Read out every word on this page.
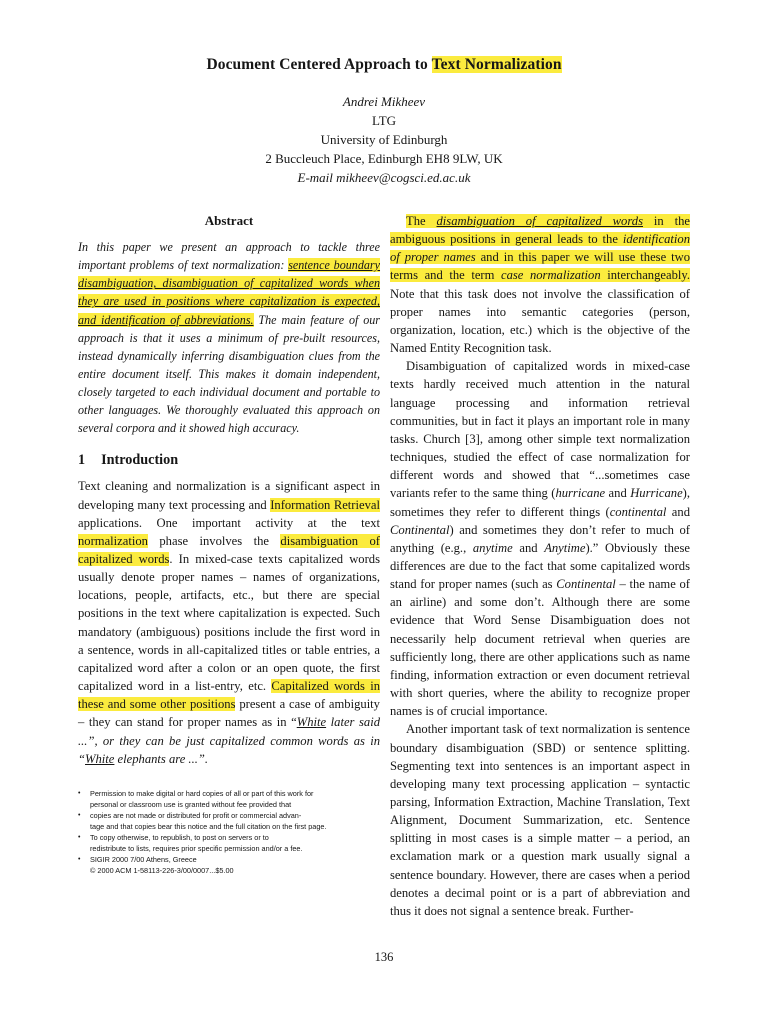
Document Centered Approach to Text Normalization
Andrei Mikheev
LTG
University of Edinburgh
2 Buccleuch Place, Edinburgh EH8 9LW, UK
E-mail mikheev@cogsci.ed.ac.uk
Abstract

In this paper we present an approach to tackle three important problems of text normalization: sentence boundary disambiguation, disambiguation of capitalized words when they are used in positions where capitalization is expected, and identification of abbreviations. The main feature of our approach is that it uses a minimum of pre-built resources, instead dynamically inferring disambiguation clues from the entire document itself. This makes it domain independent, closely targeted to each individual document and portable to other languages. We thoroughly evaluated this approach on several corpora and it showed high accuracy.

1 Introduction

Text cleaning and normalization is a significant aspect in developing many text processing and Information Retrieval applications. One important activity at the text normalization phase involves the disambiguation of capitalized words. In mixed-case texts capitalized words usually denote proper names – names of organizations, locations, people, artifacts, etc., but there are special positions in the text where capitalization is expected. Such mandatory (ambiguous) positions include the first word in a sentence, words in all-capitalized titles or table entries, a capitalized word after a colon or an open quote, the first capitalized word in a list-entry, etc. Capitalized words in these and some other positions present a case of ambiguity – they can stand for proper names as in “White later said ...”, or they can be just capitalized common words as in “White elephants are ...”.

•
•
•
•
Permission to make digital or hard copies of all or part of this work for
personal or classroom use is granted without fee provided that
copies are not made or distributed for profit or commercial advan-
tage and that copies bear this notice and the full citation on the first page.
To copy otherwise, to republish, to post on servers or to
redistribute to lists, requires prior specific permission and/or a fee.
SIGIR 2000 7/00 Athens, Greece
© 2000 ACM 1-58113-226-3/00/0007...$5.00

The disambiguation of capitalized words in the ambiguous positions in general leads to the identification of proper names and in this paper we will use these two terms and the term case normalization interchangeably. Note that this task does not involve the classification of proper names into semantic categories (person, organization, location, etc.) which is the objective of the Named Entity Recognition task.

Disambiguation of capitalized words in mixed-case texts hardly received much attention in the natural language processing and information retrieval communities, but in fact it plays an important role in many tasks. Church [3], among other simple text normalization techniques, studied the effect of case normalization for different words and showed that “...sometimes case variants refer to the same thing (hurricane and Hurricane), sometimes they refer to different things (continental and Continental) and sometimes they don’t refer to much of anything (e.g., anytime and Anytime).” Obviously these differences are due to the fact that some capitalized words stand for proper names (such as Continental – the name of an airline) and some don’t. Although there are some evidence that Word Sense Disambiguation does not necessarily help document retrieval when queries are sufficiently long, there are other applications such as name finding, information extraction or even document retrieval with short queries, where the ability to recognize proper names is of crucial importance.

Another important task of text normalization is sentence boundary disambiguation (SBD) or sentence splitting. Segmenting text into sentences is an important aspect in developing many text processing application – syntactic parsing, Information Extraction, Machine Translation, Text Alignment, Document Summarization, etc. Sentence splitting in most cases is a simple matter – a period, an exclamation mark or a question mark usually signal a sentence boundary. However, there are cases when a period denotes a decimal point or is a part of abbreviation and thus it does not signal a sentence break. Further-

136
